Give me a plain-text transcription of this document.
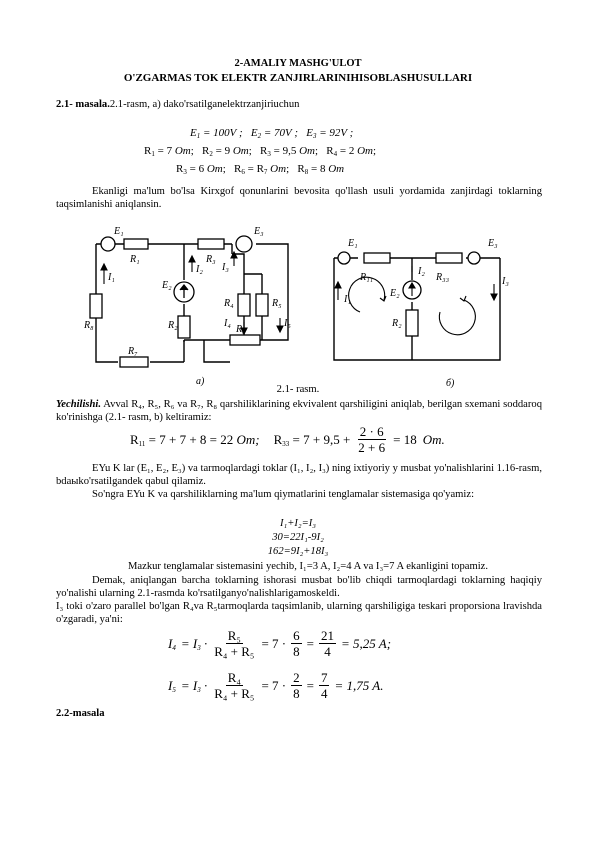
2-AMALIY MASHG'ULOT
O'ZGARMAS TOK ELEKTR ZANJIRLARINIHISOBLASHUSULLARI
2.1- masala.2.1-rasm, a) dako'rsatilganelektrzanjiriuchun
$E_1 = 100V$ ;   $E_2 = 70V$ ;   $E_3 = 92V$ ;
$R_1 = 7$ Om;   $R_2 = 9$ Om;   $R_3 = 9,5$ Om;   $R_4 = 2$ Om;
$R_3 = 6$ Om;   $R_6 = R_7$ Om;   $R_8 = 8$ Om
Ekanligi ma'lum bo'lsa Kirxgof qonunlarini bevosita qo'llash usuli yordamida zanjirdagi toklarning taqsimlanishi aniqlansin.
E₁	E₃
E₂
R₁	R₃
I₁
I₂ I₃
R₂
R₄	R₅
I₄	I₅
R₈
R₇
R₆
a)
E₁	E₃
E₂
R₁₁	R₃₃
I₂
I₁
I₃
R₂
б)
2.1- rasm.
Yechilishi. Avval R₄, R₅, R₆ va R₇, R₈ qarshiliklarining ekvivalent qarshiligini aniqlab, berilgan sxemani soddaroq ko'rinishga (2.1- rasm, b) keltiramiz:
$R_{11} = 7 + 7 + 8 = 22$ Om; $R_{33} = 7 + 9,5 + \frac{2 \cdot 6}{2 + 6} = 18$ Om.
EYu K lar (E₁, E₂, E₃) va tarmoqlardagi toklar (I₁, I₂, I₃) ning ixtiyoriy y musbat yo'nalishlarini 1.16-rasm, bdaыko'rsatilgandek qabul qilamiz.
So'ngra EYu K va qarshiliklarning ma'lum qiymatlarini tenglamalar sistemasiga qo'yamiz:
I₁+I₂=I₃
30=22I₁-9I₂
162=9I₂+18I₃
Mazkur tenglamalar sistemasini yechib, I₁=3 A, I₂=4 A va I₃=7 A ekanligini topamiz.
Demak, aniqlangan barcha toklarning ishorasi musbat bo'lib chiqdi tarmoqlardagi toklarning haqiqiy yo'nalishi ularning 2.1-rasmda ko'rsatilganyo'nalishlarigamoskeldi.
I₃ toki o'zaro parallel bo'lgan R₄va R₅tarmoqlarda taqsimlanib, ularning qarshiligiga teskari proporsiona lravishda o'zgaradi, ya'ni:
$I_4 = I_3 \cdot \frac{\text{R₅}}{\text{R₄ + R₅}} = 7 \cdot \frac{6}{8} = \frac{21}{4} = 5,25$ A;
$I_5 = I_3 \cdot \frac{\text{R₄}}{\text{R₄ + R₅}} = 7 \cdot \frac{2}{8} = \frac{7}{4} = 1,75$ A.
2.2-masala
